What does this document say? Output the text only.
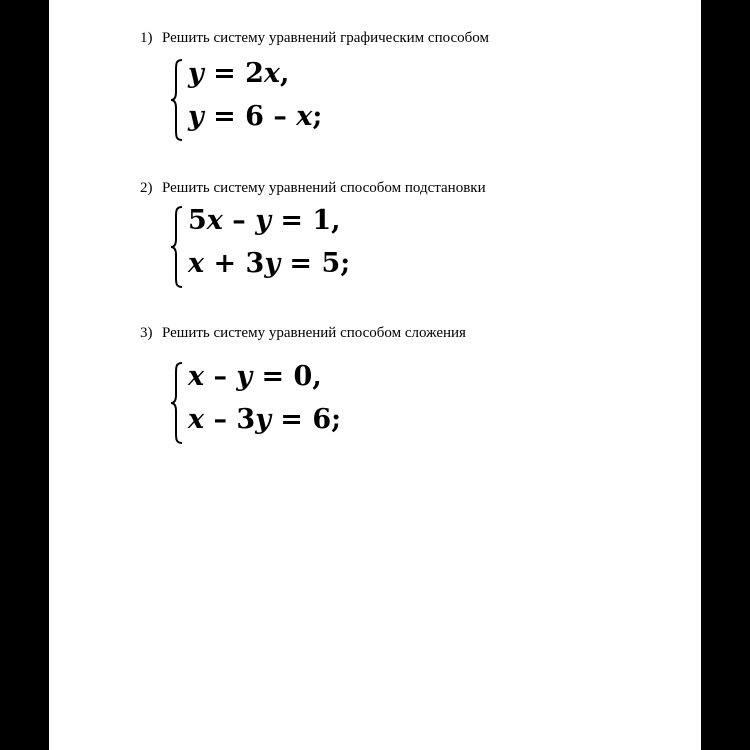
1) Решить систему уравнений графическим способом
y = 2x,
y = 6 – x;
2) Решить систему уравнений способом подстановки
5x – y = 1,
x + 3y = 5;
3) Решить систему уравнений способом сложения
x – y = 0,
x – 3y = 6;
